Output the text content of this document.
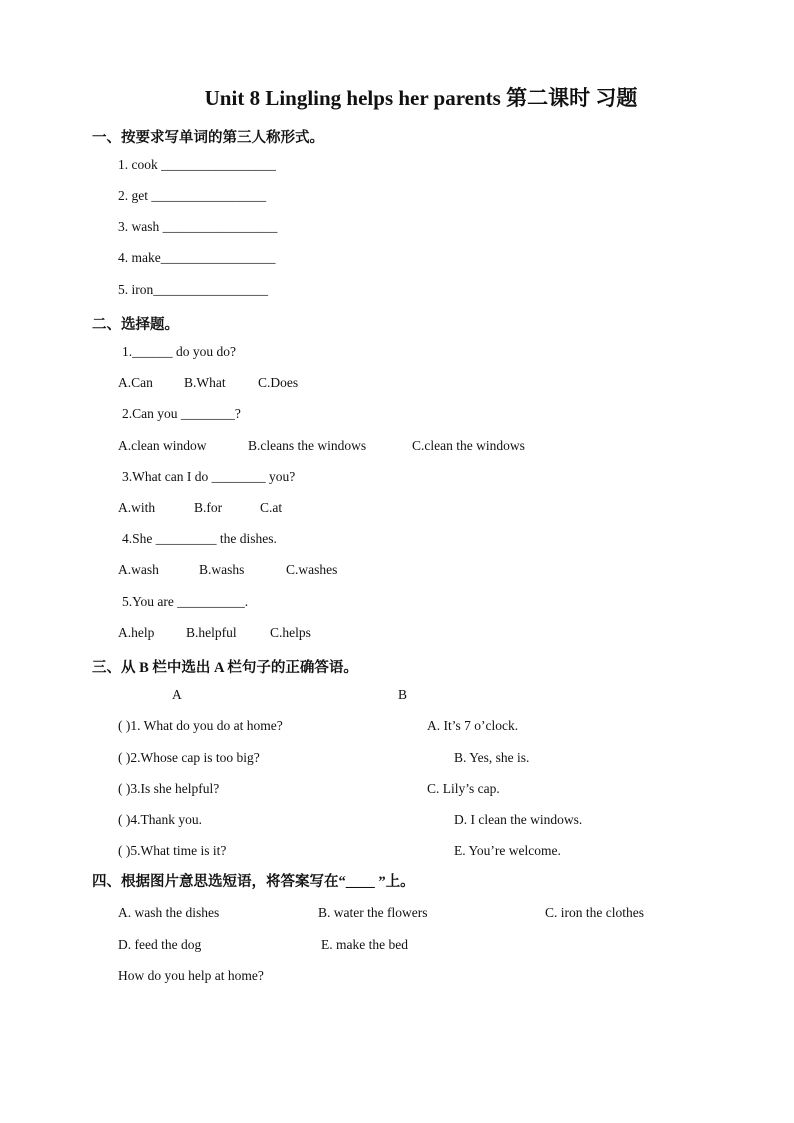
Unit 8 Lingling helps her parents 第二课时 习题
一、按要求写单词的第三人称形式。
1. cook _________________
2. get _________________
3. wash _________________
4. make_________________
5. iron_________________
二、选择题。
1.______ do you do?
A.Can B.What C.Does
2.Can you ________?
A.clean window	B.cleans the windows	C.clean the windows
3.What can I do ________ you?
A.with	B.for	C.at
4.She _________ the dishes.
A.wash	B.washs	C.washes
5.You are __________.
A.help B.helpful C.helps
三、从 B 栏中选出 A 栏句子的正确答语。
A	B
( )1. What do you do at home?	A. It’s 7 o’clock.
( )2.Whose cap is too big?	B. Yes, she is.
( )3.Is she helpful?	C. Lily’s cap.
( )4.Thank you.	D. I clean the windows.
( )5.What time is it?	E. You’re welcome.
四、根据图片意思选短语，将答案写在“____ ”上。
A. wash the dishes	B. water the flowers	C. iron the clothes
D. feed the dog	E. make the bed
How do you help at home?
